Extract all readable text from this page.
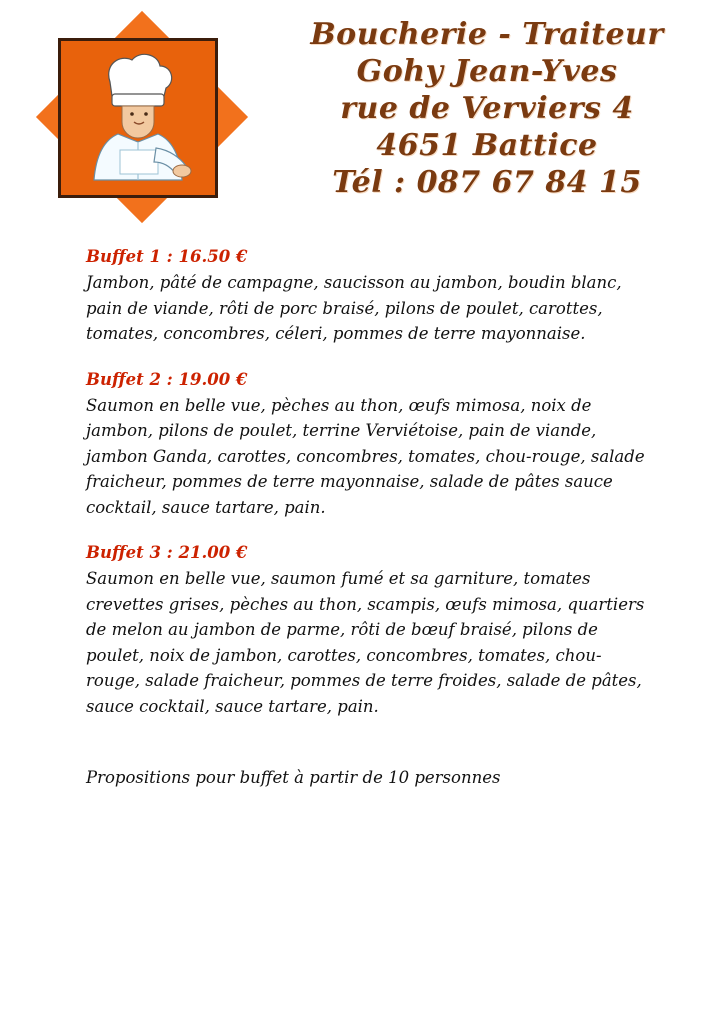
Boucherie - Traiteur
Gohy Jean-Yves
rue de Verviers 4
4651 Battice
Tél : 087 67 84 15
Buffet 1 : 16.50 €
Jambon, pâté de campagne, saucisson au jambon, boudin blanc, pain de viande, rôti de porc braisé, pilons de poulet, carottes, tomates, concombres, céleri, pommes de terre mayonnaise.
Buffet 2 : 19.00 €
Saumon en belle vue, pèches au thon, œufs mimosa, noix de jambon, pilons de poulet, terrine Verviétoise, pain de viande, jambon Ganda, carottes, concombres, tomates, chou-rouge, salade fraicheur, pommes de terre mayonnaise, salade de pâtes sauce cocktail, sauce tartare, pain.
Buffet 3 : 21.00 €
Saumon en belle vue, saumon fumé et sa garniture, tomates crevettes grises, pèches au thon, scampis, œufs mimosa, quartiers de melon au jambon de parme, rôti de bœuf braisé, pilons de poulet, noix de jambon, carottes, concombres, tomates, chou-rouge, salade fraicheur, pommes de terre froides, salade de pâtes, sauce cocktail, sauce tartare, pain.
Propositions pour buffet à partir de 10 personnes
